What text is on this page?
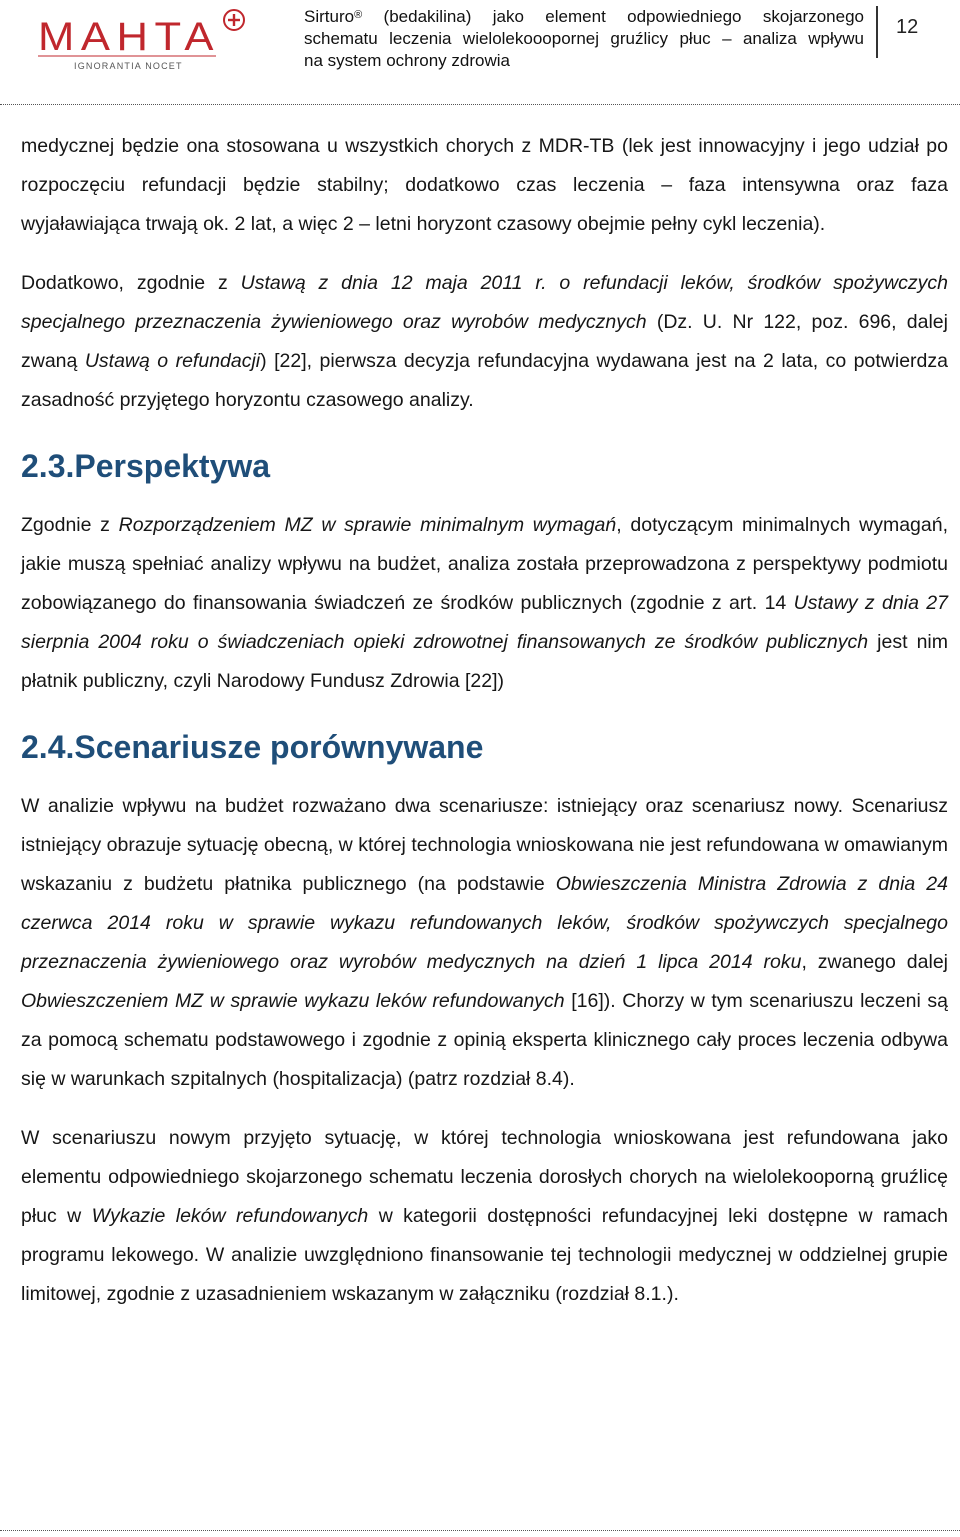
MAHTA
IGNORANTIA NOCET
Sirturo® (bedakilina) jako element odpowiedniego skojarzonego
schematu leczenia wielolekooopornej gruźlicy płuc – analiza wpływu
na system ochrony zdrowia
12

medycznej będzie ona stosowana u wszystkich chorych z MDR-TB (lek jest innowacyjny i jego udział po rozpoczęciu refundacji będzie stabilny; dodatkowo czas leczenia – faza intensywna oraz faza wyjaławiająca trwają ok. 2 lat, a więc 2 – letni horyzont czasowy obejmie pełny cykl leczenia).

Dodatkowo, zgodnie z Ustawą z dnia 12 maja 2011 r. o refundacji leków, środków spożywczych specjalnego przeznaczenia żywieniowego oraz wyrobów medycznych (Dz. U. Nr 122, poz. 696, dalej zwaną Ustawą o refundacji) [22], pierwsza decyzja refundacyjna wydawana jest na 2 lata, co potwierdza zasadność przyjętego horyzontu czasowego analizy.

2.3.Perspektywa

Zgodnie z Rozporządzeniem MZ w sprawie minimalnym wymagań, dotyczącym minimalnych wymagań, jakie muszą spełniać analizy wpływu na budżet, analiza została przeprowadzona z perspektywy podmiotu zobowiązanego do finansowania świadczeń ze środków publicznych (zgodnie z art. 14 Ustawy z dnia 27 sierpnia 2004 roku o świadczeniach opieki zdrowotnej finansowanych ze środków publicznych jest nim płatnik publiczny, czyli Narodowy Fundusz Zdrowia [22])

2.4.Scenariusze porównywane

W analizie wpływu na budżet rozważano dwa scenariusze: istniejący oraz scenariusz nowy. Scenariusz istniejący obrazuje sytuację obecną, w której technologia wnioskowana nie jest refundowana w omawianym wskazaniu z budżetu płatnika publicznego (na podstawie Obwieszczenia Ministra Zdrowia z dnia 24 czerwca 2014 roku w sprawie wykazu refundowanych leków, środków spożywczych specjalnego przeznaczenia żywieniowego oraz wyrobów medycznych na dzień 1 lipca 2014 roku, zwanego dalej Obwieszczeniem MZ w sprawie wykazu leków refundowanych [16]). Chorzy w tym scenariuszu leczeni są za pomocą schematu podstawowego i zgodnie z opinią eksperta klinicznego cały proces leczenia odbywa się w warunkach szpitalnych (hospitalizacja) (patrz rozdział 8.4).

W scenariuszu nowym przyjęto sytuację, w której technologia wnioskowana jest refundowana jako elementu odpowiedniego skojarzonego schematu leczenia dorosłych chorych na wielolekooporną gruźlicę płuc w Wykazie leków refundowanych w kategorii dostępności refundacyjnej leki dostępne w ramach programu lekowego. W analizie uwzględniono finansowanie tej technologii medycznej w oddzielnej grupie limitowej, zgodnie z uzasadnieniem wskazanym w załączniku (rozdział 8.1.).
